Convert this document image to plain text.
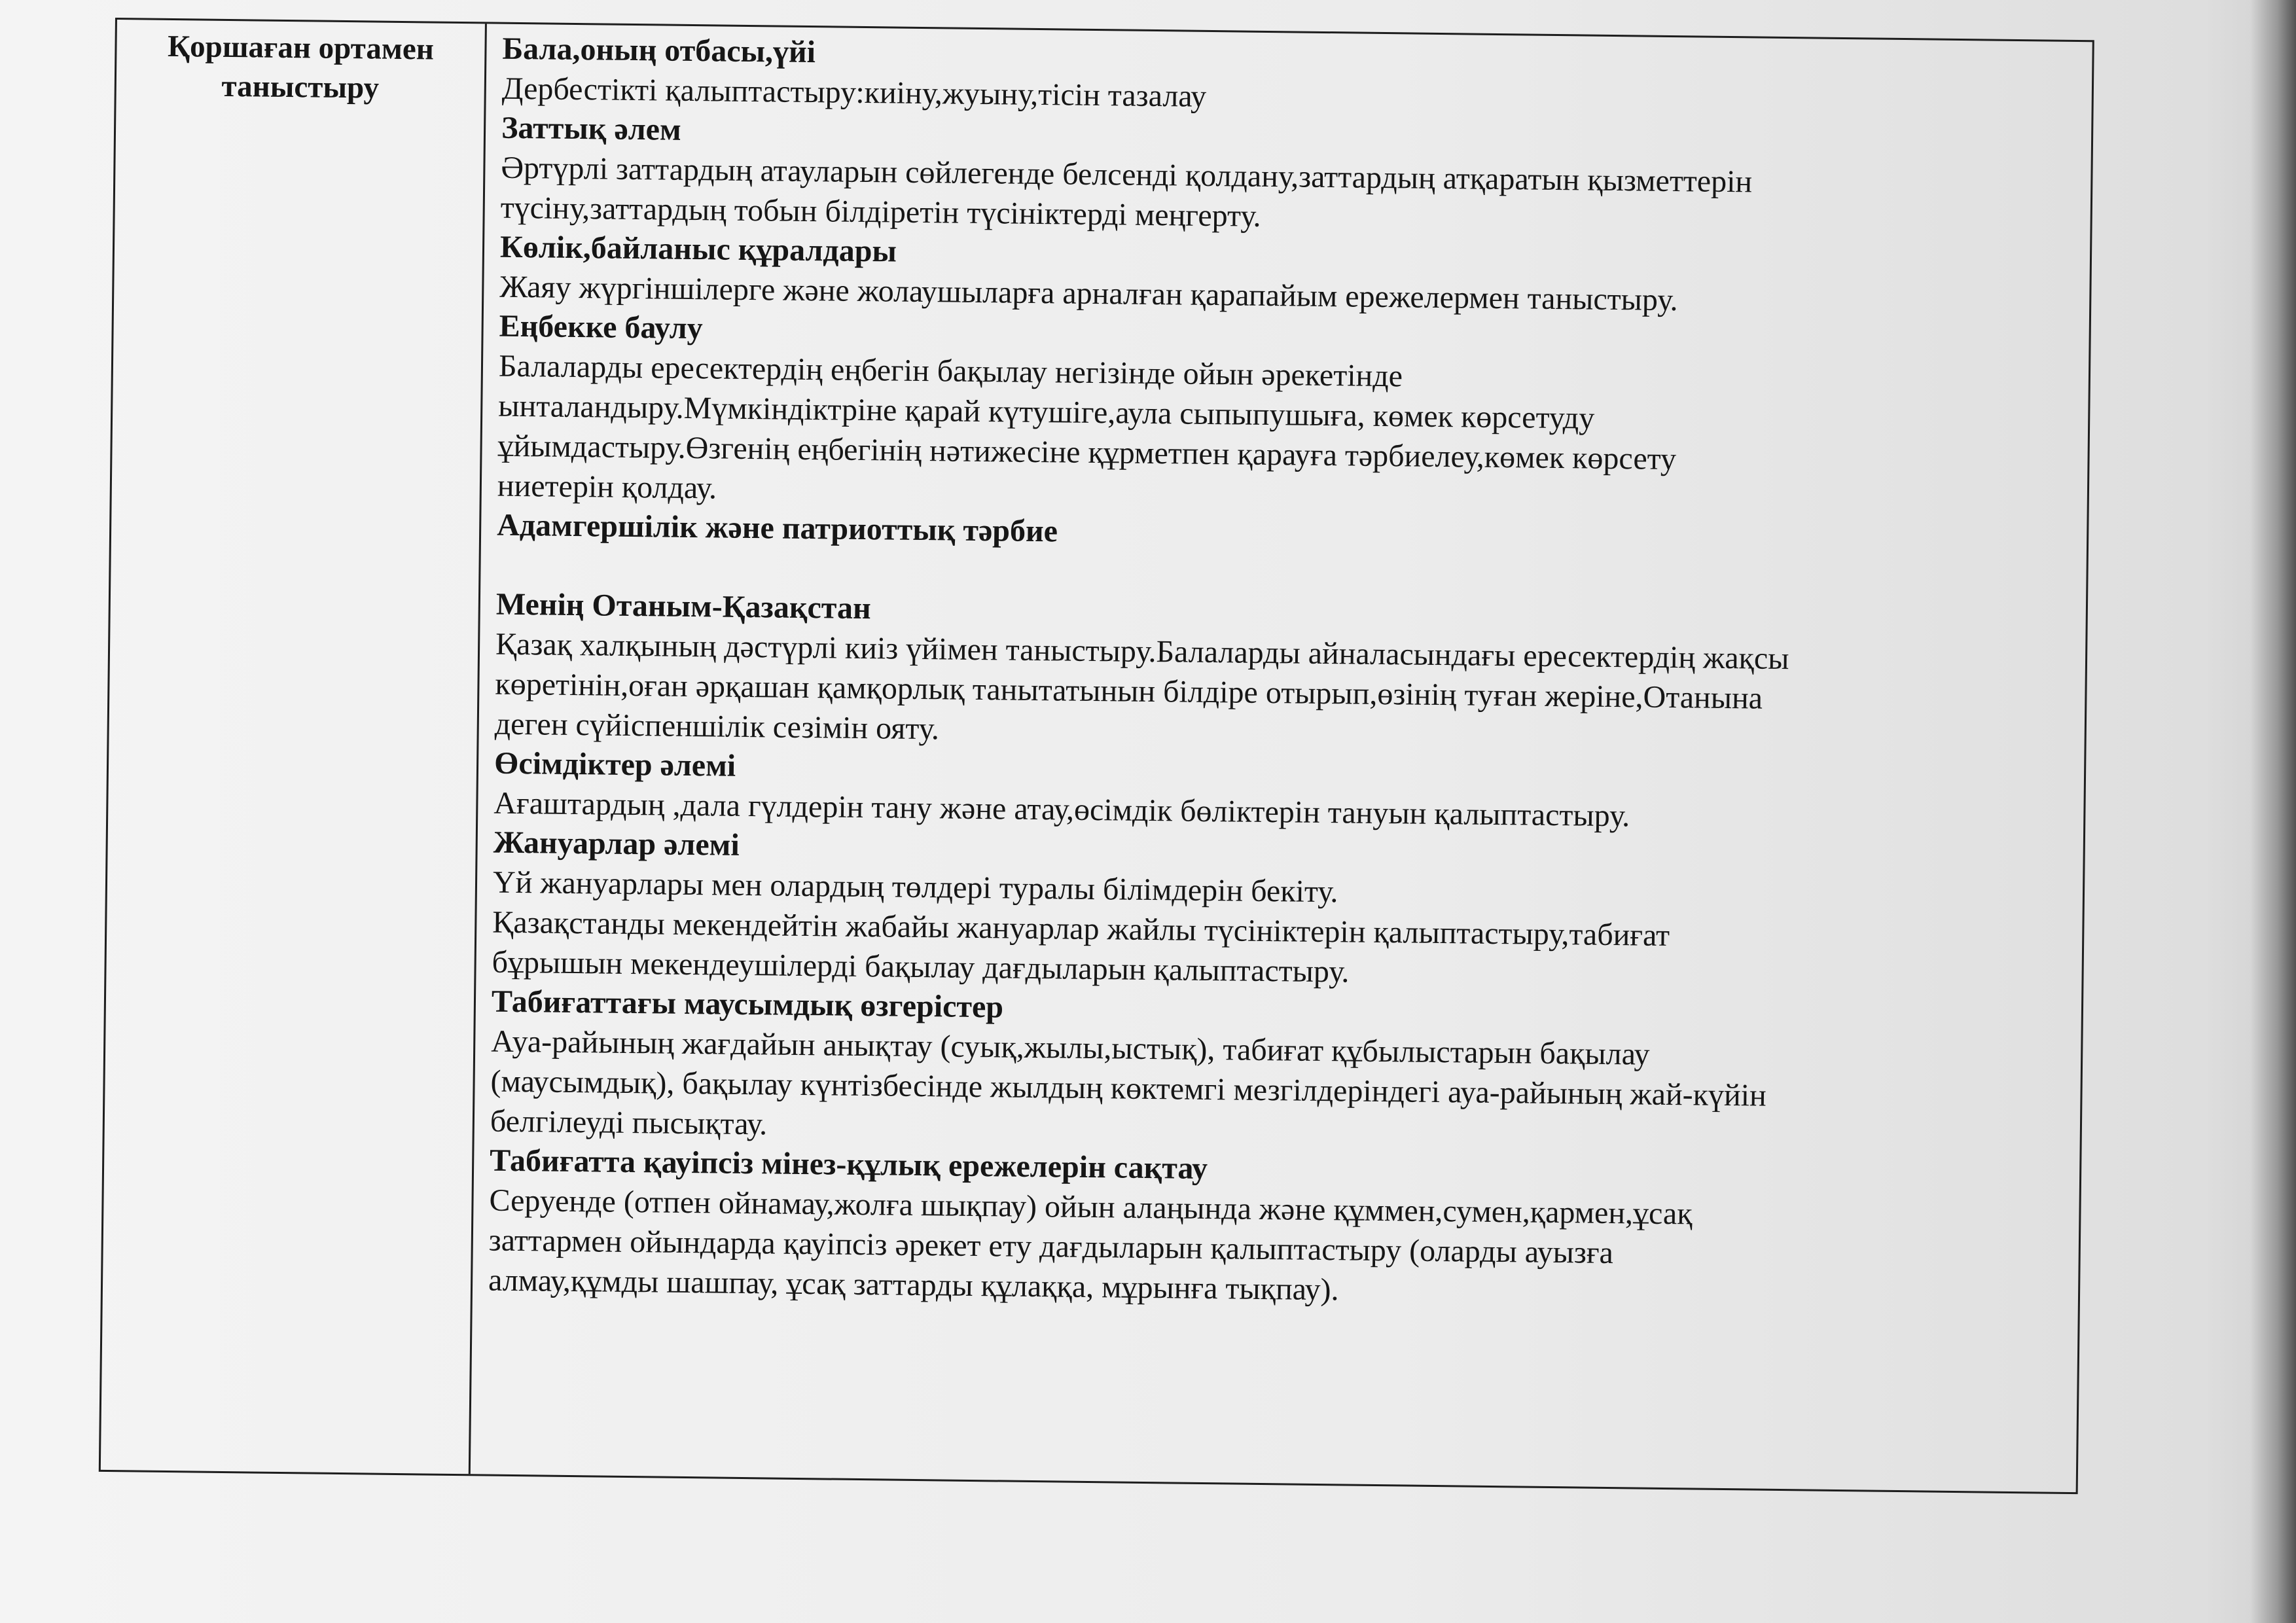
​
Қоршаған ортамен
таныстыру
Бала,оның отбасы,үйі
Дербестікті қалыптастыру:киіну,жуыну,тісін тазалау
Заттық әлем
Әртүрлі заттардың атауларын сөйлегенде белсенді қолдану,заттардың атқаратын қызметтерін
түсіну,заттардың тобын білдіретін түсініктерді меңгерту.
Көлік,байланыс құралдары
Жаяу жүргіншілерге және жолаушыларға арналған қарапайым ережелермен таныстыру.
Еңбекке баулу
Балаларды ересектердің еңбегін бақылау негізінде ойын әрекетінде
ынталандыру.Мүмкіндіктріне қарай күтушіге,аула сыпыпушыға, көмек көрсетуду
ұйымдастыру.Өзгенің еңбегінің нәтижесіне құрметпен қарауға тәрбиелеу,көмек көрсету
ниетерін қолдау.
Адамгершілік және патриоттық тәрбие
Менің Отаным-Қазақстан
Қазақ халқының дәстүрлі киіз үйімен таныстыру.Балаларды айналасындағы ересектердің жақсы
көретінін,оған әрқашан қамқорлық танытатынын білдіре отырып,өзінің туған жеріне,Отанына
деген сүйіспеншілік сезімін ояту.
Өсімдіктер әлемі
Ағаштардың ,дала гүлдерін тану және атау,өсімдік бөліктерін тануын қалыптастыру.
Жануарлар әлемі
Үй жануарлары мен олардың төлдері туралы білімдерін бекіту.
Қазақстанды мекендейтін жабайы жануарлар жайлы түсініктерін қалыптастыру,табиғат
бұрышын мекендеушілерді бақылау дағдыларын қалыптастыру.
Табиғаттағы маусымдық өзгерістер
Ауа-райының жағдайын анықтау (суық,жылы,ыстық), табиғат құбылыстарын бақылау
(маусымдық), бақылау күнтізбесінде жылдың көктемгі мезгілдеріндегі ауа-райының жай-күйін
белгілеуді пысықтау.
Табиғатта қауіпсіз мінез-құлық ережелерін сақтау
Серуенде (отпен ойнамау,жолға шықпау) ойын алаңында және құммен,сумен,қармен,ұсақ
заттармен ойындарда қауіпсіз әрекет ету дағдыларын қалыптастыру (оларды ауызға
алмау,құмды шашпау, ұсақ заттарды құлаққа, мұрынға тықпау).
